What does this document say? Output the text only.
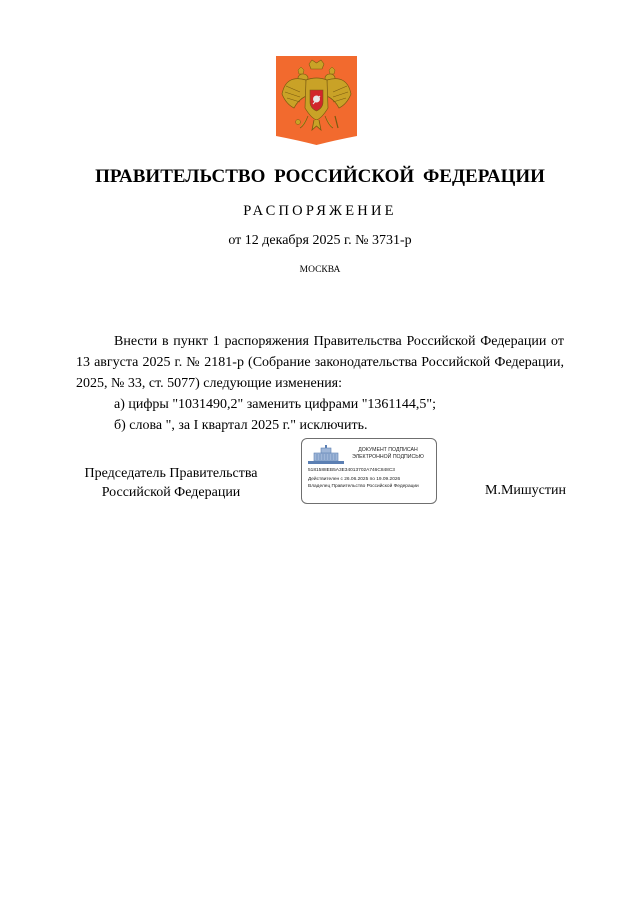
ПРАВИТЕЛЬСТВО РОССИЙСКОЙ ФЕДЕРАЦИИ
РАСПОРЯЖЕНИЕ
от 12 декабря 2025 г. № 3731-р
МОСКВА

Внести в пункт 1 распоряжения Правительства Российской Федерации от 13 августа 2025 г. № 2181-р (Собрание законодательства Российской Федерации, 2025, № 33, ст. 5077) следующие изменения:

а) цифры "1031490,2" заменить цифрами "1361144,5";

б) слова ", за I квартал 2025 г." исключить.

Председатель Правительства
Российской Федерации
ДОКУМЕНТ ПОДПИСАН
ЭЛЕКТРОННОЙ ПОДПИСЬЮ
5181588EB5A3E34013702A746C848C3
Действителен с 26.06.2025 по 19.09.2026
Владелец Правительство Российской Федерации	М.Мишустин
